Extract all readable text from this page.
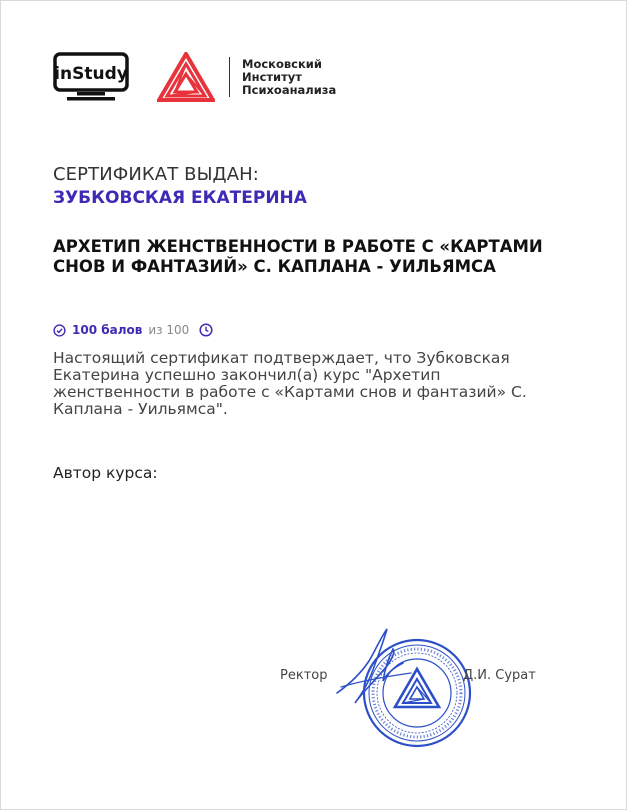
inStudy
Московский
Институт
Психоанализа
СЕРТИФИКАТ ВЫДАН:
ЗУБКОВСКАЯ ЕКАТЕРИНА
АРХЕТИП ЖЕНСТВЕННОСТИ В РАБОТЕ С «КАРТАМИ СНОВ И ФАНТАЗИЙ» С. КАПЛАНА - УИЛЬЯМСА
100 балов из 100
Настоящий сертификат подтверждает, что Зубковская Екатерина успешно закончил(а) курс "Архетип женственности в работе с «Картами снов и фантазий» С. Каплана - Уильямса".
Автор курса:
Ректор	Д.И. Сурат
